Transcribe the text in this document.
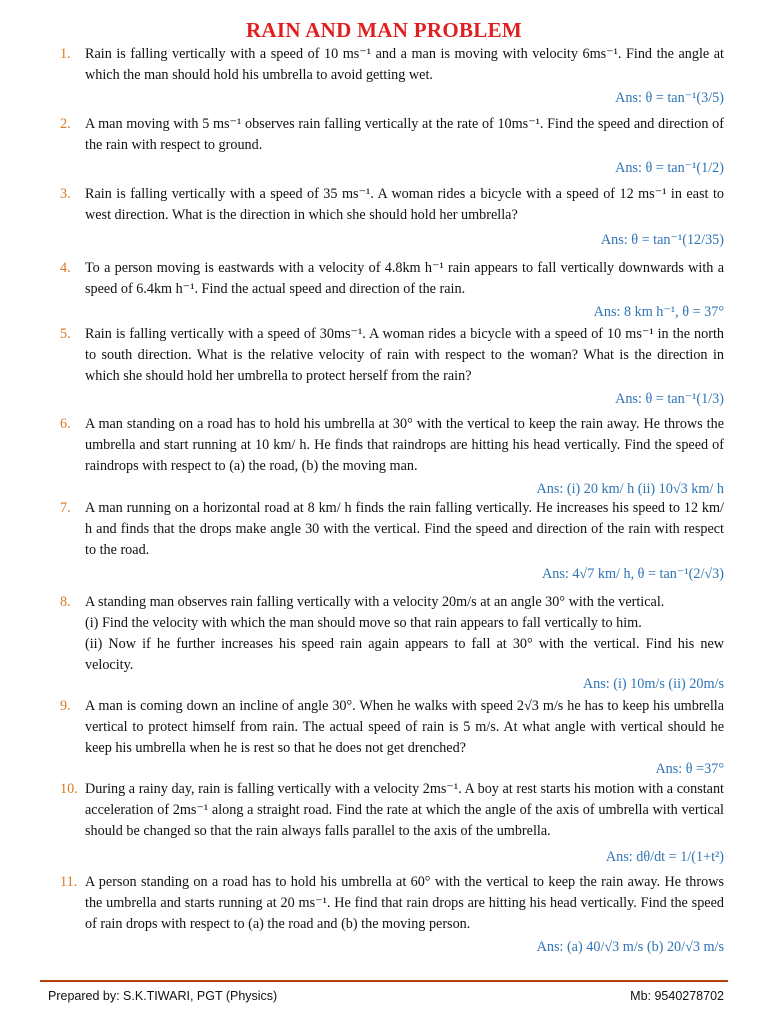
RAIN AND MAN PROBLEM
1. Rain is falling vertically with a speed of 10 ms⁻¹ and a man is moving with velocity 6ms⁻¹. Find the angle at which the man should hold his umbrella to avoid getting wet.
Ans: θ = tan⁻¹(3/5)
2. A man moving with 5 ms⁻¹ observes rain falling vertically at the rate of 10ms⁻¹. Find the speed and direction of the rain with respect to ground.
Ans: θ = tan⁻¹(1/2)
3. Rain is falling vertically with a speed of 35 ms⁻¹. A woman rides a bicycle with a speed of 12 ms⁻¹ in east to west direction. What is the direction in which she should hold her umbrella?
Ans: θ = tan⁻¹(12/35)
4. To a person moving is eastwards with a velocity of 4.8km h⁻¹ rain appears to fall vertically downwards with a speed of 6.4km h⁻¹. Find the actual speed and direction of the rain.
Ans: 8 km h⁻¹, θ = 37°
5. Rain is falling vertically with a speed of 30ms⁻¹. A woman rides a bicycle with a speed of 10 ms⁻¹ in the north to south direction. What is the relative velocity of rain with respect to the woman? What is the direction in which she should hold her umbrella to protect herself from the rain?
Ans: θ = tan⁻¹(1/3)
6. A man standing on a road has to hold his umbrella at 30° with the vertical to keep the rain away. He throws the umbrella and start running at 10 km/ h. He finds that raindrops are hitting his head vertically. Find the speed of raindrops with respect to (a) the road, (b) the moving man.
Ans: (i) 20 km/ h (ii) 10√3 km/ h
7. A man running on a horizontal road at 8 km/ h finds the rain falling vertically. He increases his speed to 12 km/ h and finds that the drops make angle 30 with the vertical. Find the speed and direction of the rain with respect to the road.
Ans: 4√7 km/ h, θ = tan⁻¹(2/√3)
8. A standing man observes rain falling vertically with a velocity 20m/s at an angle 30° with the vertical.

(i) Find the velocity with which the man should move so that rain appears to fall vertically to him.

(ii) Now if he further increases his speed rain again appears to fall at 30° with the vertical. Find his new velocity.

Ans: (i) 10m/s (ii) 20m/s
9. A man is coming down an incline of angle 30°. When he walks with speed 2√3 m/s he has to keep his umbrella vertical to protect himself from rain. The actual speed of rain is 5 m/s. At what angle with vertical should he keep his umbrella when he is rest so that he does not get drenched?
Ans: θ =37°
10. During a rainy day, rain is falling vertically with a velocity 2ms⁻¹. A boy at rest starts his motion with a constant acceleration of 2ms⁻¹ along a straight road. Find the rate at which the angle of the axis of umbrella with vertical should be changed so that the rain always falls parallel to the axis of the umbrella.
Ans: dθ/dt = 1/(1+t²)
11. A person standing on a road has to hold his umbrella at 60° with the vertical to keep the rain away. He throws the umbrella and starts running at 20 ms⁻¹. He find that rain drops are hitting his head vertically. Find the speed of rain drops with respect to (a) the road and (b) the moving person.
Ans: (a) 40/√3 m/s (b) 20/√3 m/s
Prepared by: S.K.TIWARI, PGT (Physics)	Mb: 9540278702
